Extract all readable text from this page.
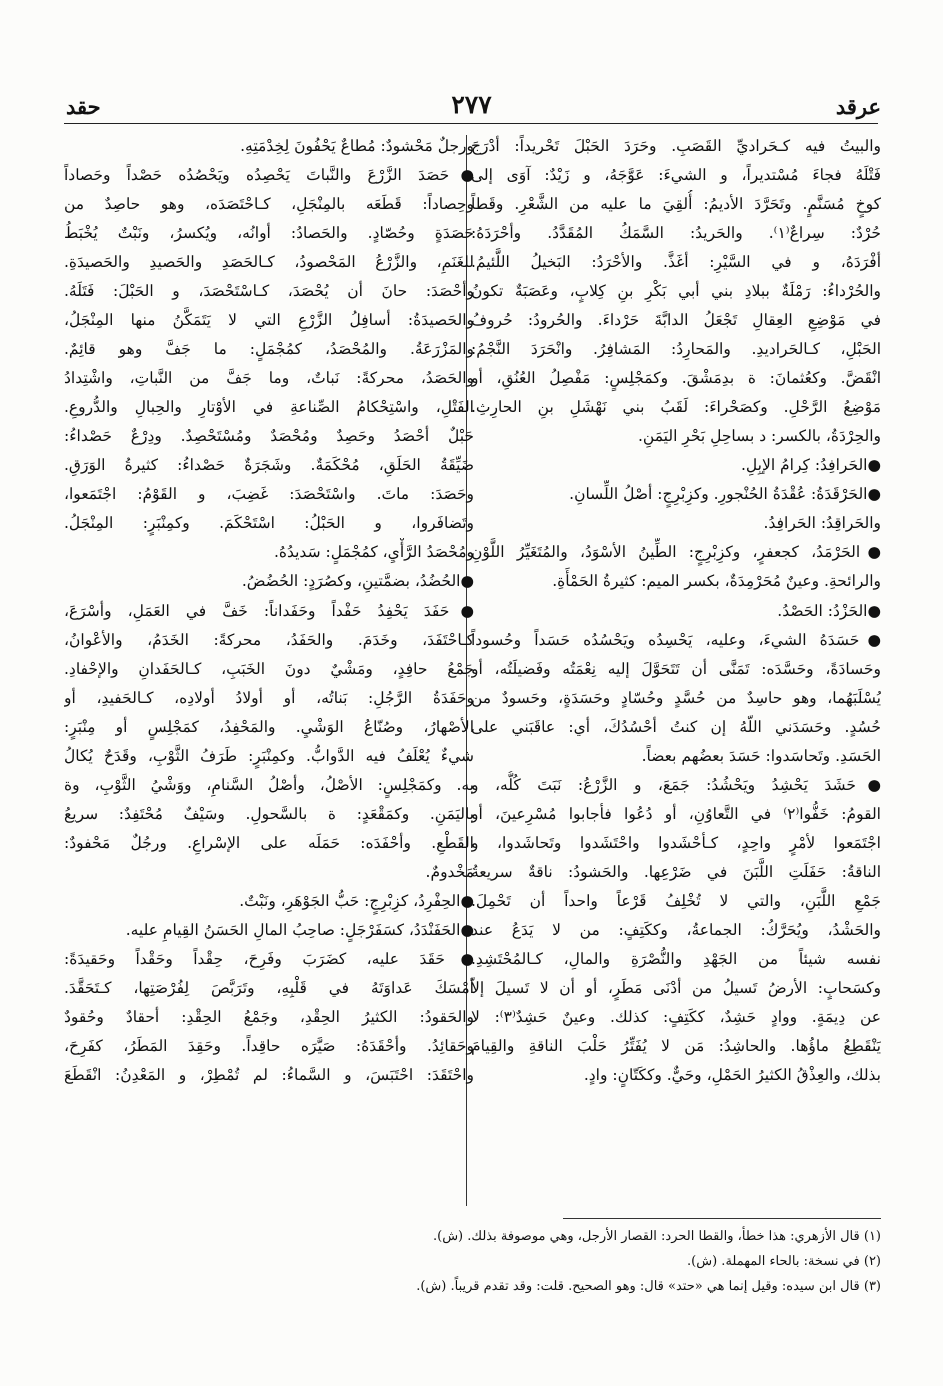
عرقد
٢٧٧
حقد
والبيتُ فيه كـحَراديِّ القَصَبِ. وحَرَدَ الحَبْلَ تَحْريداً: أدْرَجَ
فَتْلَهُ فجاءَ مُسْتديراً، و الشيءَ: عَوَّجَهُ، و زَيْدٌ: آوَى إلى
كوخٍ مُسَنَّمٍ. وتَحَرَّدَ الأديمُ: أُلقِيَ ما عليه من الشَّعْرِ. وقَطاً
حُرْدٌ: سِراعٌ⁽١⁾. والحَريدُ: السَّمَكُ المُقَدَّدُ. وأحْرَدَهُ:
أفْرَدَهُ، و في السَّيْرِ: أغَذَّ. والأحْرَدُ: البَخيلُ اللَّئيمُ.
والحُرْداءُ: رَمْلَةٌ ببلادِ بني أبي بَكْرِ بنِ كِلابٍ، وعَصَبَةٌ تكونُ
في مَوْضِعِ العِقالِ تَجْعَلُ الدابَّةَ حَرْداءَ. والحُرودُ: حُروفُ
الحَبْلِ، كـالحَراديدِ. والمَحارِدُ: المَشافِرُ. وانْحَرَدَ النَّجْمُ:
انْقَضَّ. وكعُثمانَ: ة بدِمَشْقَ. وكمَجْلِسٍ: مَفْصِلُ العُنُقِ، أو
مَوْضِعُ الرَّحْلِ. وكصَحْراءَ: لَقَبُ بني نَهْشَلِ بنِ الحارِثِ.
والحِرْدَةُ، بالكسر: د بساحِلِ بَحْرِ اليَمَنِ.
●الحَرافِدُ: كِرامُ الإبِلِ.
●الحَرْقَدَةُ: عُقْدَةُ الحُنْجورِ. وكزِبْرِجٍ: أصْلُ اللِّسانِ.
والحَراقِدُ: الحَرافِدُ.
●الحَرْمَدُ، كجعفرٍ، وكزِبْرِجٍ: الطِّينُ الأسْوَدُ، والمُتَغَيِّرُ اللَّوْنِ
والرائحةِ. وعينٌ مُحَرْمِدَةٌ، بكسر الميم: كثيرةُ الحَمْأَةِ.
●الحَزْدُ: الحَصْدُ.
●حَسَدَهُ الشيءَ، وعليه، يَحْسِدُه ويَحْسُدُه حَسَداً وحُسوداً
وحَسادَةً، وحَسَّدَه: تَمَنَّى أن تَتَحَوَّلَ إليه نِعْمَتُه وفَضيلَتُه، أو
يُسْلَبَهُما، وهو حاسِدٌ من حُسَّدٍ وحُسّادٍ وحَسَدَةٍ، وحَسودٌ من
حُسُدٍ. وحَسَدَني اللّهُ إن كنتُ أحْسُدُكَ، أي: عاقَبَني على
الحَسَدِ. وتَحاسَدوا: حَسَدَ بعضُهم بعضاً.
●حَشَدَ يَحْشِدُ ويَحْشُدُ: جَمَعَ، و الزَّرْعُ: نَبَتَ كُلُّه، و
القومُ: خَفُّوا⁽٢⁾ في التَّعاوُنِ، أو دُعُوا فأجابوا مُسْرِعينَ، أو
اجْتَمَعوا لأمْرٍ واحِدٍ، كـأحْشَدوا واحْتَشَدوا وتَحاشَدوا، و
الناقةُ: حَفَلَتِ اللَّبَنَ في ضَرْعِها. والحَشودُ: ناقةٌ سريعةُ
جَمْعِ اللَّبَنِ، والتي لا تُخْلِفُ قَرْعاً واحداً أن تَحْمِلَ.
والحَشْدُ، ويُحَرَّكُ: الجماعةُ، وككَتِفٍ: من لا يَدَعُ عند
نفسه شيئاً من الجَهْدِ والنُّصْرَةِ والمالِ، كـالمُحْتَشِدِ.
وكسَحابٍ: الأرضُ تَسيلُ من أدْنَى مَطَرٍ، أو أن لا تَسيلَ إلاّ
عن دِيمَةٍ. ووادٍ حَشِدٌ، ككَتِفٍ: كذلك. وعينٌ حَشِدٌ⁽٣⁾: لا
يَنْقَطِعُ ماؤُها. والحاشِدُ: مَن لا يُفَتِّرُ حَلْبَ الناقةِ والقِيامَ
بذلك، والعِذْقُ الكثيرُ الحَمْلِ، وحَيٌّ. وككَتّانٍ: وادٍ.
ورجلٌ مَحْشودٌ: مُطاعٌ يَحْفُونَ لِخِدْمَتِهِ.
●حَصَدَ الزَّرْعَ والنَّباتَ يَحْصِدُه ويَحْصُدُه حَصْداً وحَصاداً
وحِصاداً: قَطَعَه بالمِنْجَلِ، كـاحْتَصَدَه، وهو حاصِدٌ من
حَصَدَةٍ وحُصّادٍ. والحَصادُ: أوانُه، ويُكسرُ، ونَبْتٌ يُخْبَطُ
للغَنَمِ، والزَّرْعُ المَحْصودُ، كـالحَصَدِ والحَصيدِ والحَصيدَةِ.
وأحْصَدَ: حانَ أن يُحْصَدَ، كـاسْتَحْصَدَ، و الحَبْلَ: فَتَلَهُ.
والحَصيدَةُ: أسافِلُ الزَّرْعِ التي لا يَتَمَكَّنُ منها المِنْجَلُ،
والمَزْرَعَةُ. والمُحْصَدُ، كمُجْمَلٍ: ما جَفَّ وهو قائِمٌ.
والحَصَدُ، محركةً: نَباتٌ، وما جَفَّ من النَّباتِ، واشْتِدادُ
الفَتْلِ، واسْتِحْكامُ الصِّناعةِ في الأوْتارِ والحِبالِ والدُّروعِ.
حَبْلٌ أحْصَدُ وحَصِدٌ ومُحْصَدٌ ومُسْتَحْصِدٌ. ودِرْعٌ حَصْداءُ:
ضَيِّقَةُ الحَلَقِ، مُحْكَمَةٌ. وشَجَرَةٌ حَصْداءُ: كثيرةُ الوَرَقِ.
وحَصَدَ: ماتَ. واسْتَحْصَدَ: غَضِبَ، و القَوْمُ: اجْتَمَعوا،
وتَضافَروا، و الحَبْلُ: اسْتَحْكَمَ. وكمِنْبَرٍ: المِنْجَلُ.
ومُحْصَدُ الرَّأْيِ، كمُجْمَلٍ: سَديدُهُ.
●الحُضُدُ، بضمَّتينِ، وكصُرَدٍ: الحُضُضُ.
●حَفَدَ يَحْفِدُ حَفْداً وحَفَداناً: خَفَّ في العَمَلِ، وأسْرَعَ،
كـاحْتَفَدَ، وخَدَمَ. والحَفَدُ، محركةً: الخَدَمُ، والأعْوانُ،
جَمْعُ حافِدٍ، ومَشْيٌ دونَ الخَبَبِ، كـالحَفَدانِ والإحْفادِ.
وحَفَدَةُ الرَّجُلِ: بَناتُه، أو أولادُ أولادِه، كـالحَفيدِ، أو
الأصْهارُ، وصُنّاعُ الوَشْيِ. والمَحْفِدُ، كمَجْلِسٍ أو مِنْبَرٍ:
شيءٌ يُعْلَفُ فيه الدَّوابُّ. وكمِنْبَرٍ: طَرَفُ الثَّوْبِ، وقَدَحٌ يُكالُ
به. وكمَجْلِسٍ: الأصْلُ، وأصْلُ السَّنامِ، ووَشْيُ الثَّوْبِ، وة
باليَمَنِ. وكمَقْعَدٍ: ة بالسَّحولِ. وسَيْفٌ مُحْتَفِدٌ: سريعُ
القَطْعِ. وأحْفَدَه: حَمَلَه على الإسْراعِ. ورجُلٌ مَحْفودٌ:
مَخْدومٌ.
●الحِفْرِدُ، كزِبْرِجٍ: حَبُّ الجَوْهَرِ، ونَبْتٌ.
●الحَفَنْدَدُ، كسَفَرْجَلٍ: صاحِبُ المالِ الحَسَنُ القِيامِ عليه.
●حَقَدَ عليه، كضَرَبَ وفَرِحَ، حِقْداً وحَقْداً وحَقيدَةً:
أمْسَكَ عَداوَتَهُ في قَلْبِهِ، وتَرَبَّصَ لِفُرْصَتِها، كـتَحَقَّدَ.
والحَقودُ: الكثيرُ الحِقْدِ، وجَمْعُ الحِقْدِ: أحقادٌ وحُقودٌ
وحَقائِدُ. وأحْقَدَهُ: صَيَّرَه حاقِداً. وحَقِدَ المَطَرُ، كفَرِحَ،
واحْتَقَدَ: احْتَبَسَ، و السَّماءُ: لم تُمْطِرْ، و المَعْدِنُ: انْقَطَعَ
(١) قال الأزهري: هذا خطأ، والقطا الحرد: القصار الأرجل، وهي موصوفة بذلك. (ش).
(٢) في نسخة: بالحاء المهملة. (ش).
(٣) قال ابن سيده: وقيل إنما هي «حتد» قال: وهو الصحيح. قلت: وقد تقدم قريباً. (ش).
